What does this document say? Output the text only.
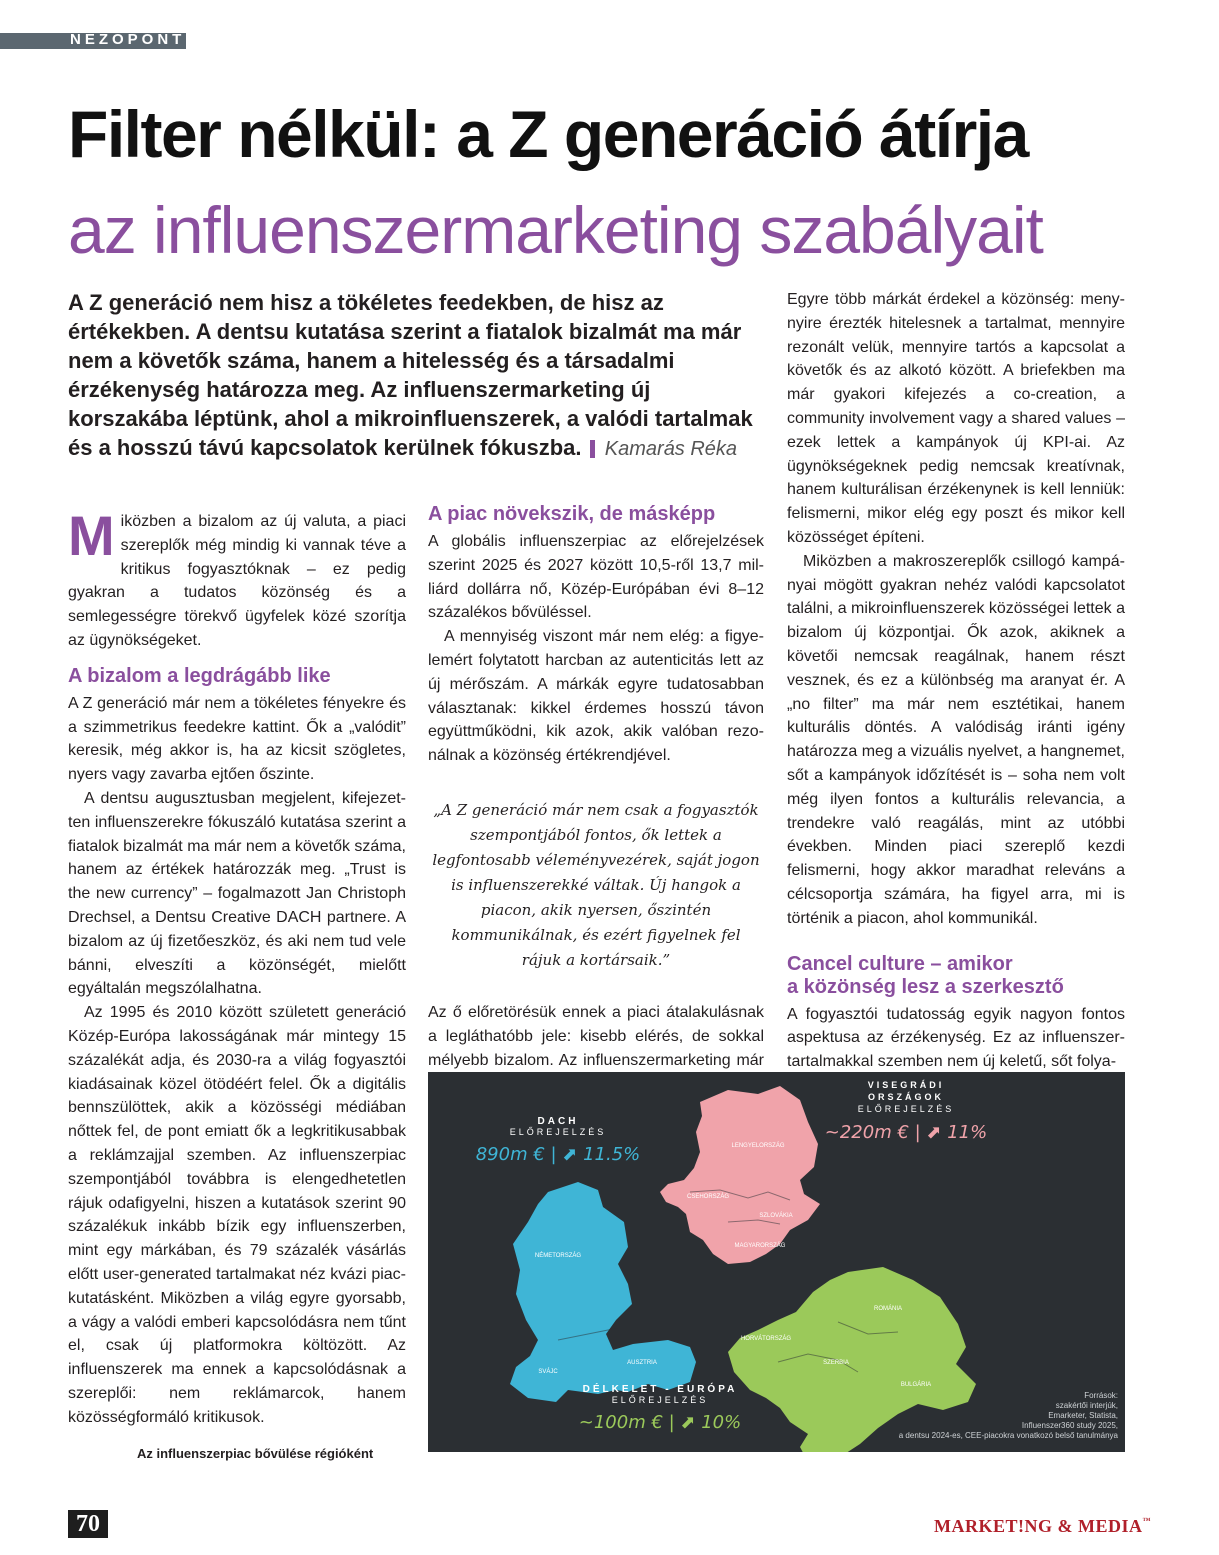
NÉZŐPONT
Filter nélkül: a Z generáció átírja
az influenszermarketing szabályait
A Z generáció nem hisz a tökéletes feedekben, de hisz az értékekben. A dentsu kutatása szerint a fiatalok bizalmát ma már nem a követők száma, hanem a hitelesség és a társadalmi érzékenység határozza meg. Az influenszermarketing új korszakába léptünk, ahol a mikroinfluenszerek, a valódi tartalmak és a hosszú távú kapcsolatok kerülnek fókuszba. Kamarás Réka

Miközben a bizalom az új valuta, a piaci szereplők még mindig ki vannak téve a kritikus fogyasztóknak – ez pedig gyakran a tudatos közönség és a semlegességre törekvő ügyfelek közé szorítja az ügynökségeket.

A bizalom a legdrágább like

A Z generáció már nem a tökéletes fényekre és a szimmetrikus feedekre kattint. Ők a „valódit” keresik, még akkor is, ha az kicsit szögletes, nyers vagy zavarba ejtően őszinte.

A dentsu augusztusban megjelent, kifejezetten influenszerekre fókuszáló kutatása szerint a fiatalok bizalmát ma már nem a követők száma, hanem az értékek határozzák meg. „Trust is the new currency” – fogalmazott Jan Christoph Drechsel, a Dentsu Creative DACH partnere. A bizalom az új fizetőeszköz, és aki nem tud vele bánni, elveszíti a közönségét, mielőtt egyáltalán megszólalhatna.

Az 1995 és 2010 között született generáció Közép-Európa lakosságának már mintegy 15 százalékát adja, és 2030-ra a világ fogyasztói kiadásainak közel ötödéért felel. Ők a digitális bennszülöttek, akik a közösségi médiában nőttek fel, de pont emiatt ők a legkritikusabbak a reklámzajjal szemben. Az influenszerpiac szempontjából továbbra is elengedhetetlen rájuk odafigyelni, hiszen a kutatások szerint 90 százalékuk inkább bízik egy influenszerben, mint egy márkában, és 79 százalék vásárlás előtt user-generated tartalmakat néz kvázi piackutatásként. Miközben a világ egyre gyorsabb, a vágy a valódi emberi kapcsolódásra nem tűnt el, csak új platformokra költözött. Az influenszerek ma ennek a kapcsolódásnak a szereplői: nem reklámarcok, hanem közösségformáló kritikusok.

A piac növekszik, de másképp

A globális influenszerpiac az előrejelzések szerint 2025 és 2027 között 10,5-ről 13,7 milliárd dollárra nő, Közép-Európában évi 8–12 százalékos bővüléssel.

A mennyiség viszont már nem elég: a figyelemért folytatott harcban az autenticitás lett az új mérőszám. A márkák egyre tudatosabban választanak: kikkel érdemes hosszú távon együttműködni, kik azok, akik valóban rezonálnak a közönség értékrendjével.

„A Z generáció már nem csak a fogyasztók szempontjából fontos, ők lettek a legfontosabb véleményvezérek, saját jogon is influenszerekké váltak. Új hangok a piacon, akik nyersen, őszintén kommunikálnak, és ezért figyelnek fel rájuk a kortársaik.”

Az ő előretörésük ennek a piaci átalakulásnak a legláthatóbb jele: kisebb elérés, de sokkal mélyebb bizalom. Az influenszermarketing már

Egyre több márkát érdekel a közönség: menynyire érezték hitelesnek a tartalmat, mennyire rezonált velük, mennyire tartós a kapcsolat a követők és az alkotó között. A briefekben ma már gyakori kifejezés a co-creation, a community involvement vagy a shared values – ezek lettek a kampányok új KPI-ai. Az ügynökségeknek pedig nemcsak kreatívnak, hanem kulturálisan érzékenynek is kell lenniük: felismerni, mikor elég egy poszt és mikor kell közösséget építeni.

Miközben a makroszereplők csillogó kampányai mögött gyakran nehéz valódi kapcsolatot találni, a mikroinfluenszerek közösségei lettek a bizalom új központjai. Ők azok, akiknek a követői nemcsak reagálnak, hanem részt vesznek, és ez a különbség ma aranyat ér. A „no filter” ma már nem esztétikai, hanem kulturális döntés. A valódiság iránti igény határozza meg a vizuális nyelvet, a hangnemet, sőt a kampányok időzítését is – soha nem volt még ilyen fontos a kulturális relevancia, a trendekre való reagálás, mint az utóbbi években. Minden piaci szereplő kezdi felismerni, hogy akkor maradhat releváns a célcsoportja számára, ha figyel arra, mi is történik a piacon, ahol kommunikál.

Cancel culture – amikor
a közönség lesz a szerkesztő

A fogyasztói tudatosság egyik nagyon fontos aspektusa az érzékenység. Ez az influenszertartalmakkal szemben nem új keletű, sőt folya-

DACH
ELŐREJELZÉS
890m € | ⬈ 11.5%
NÉMETORSZÁG
AUSZTRIA
SVÁJC
VISEGRÁDI
ORSZÁGOK
ELŐREJELZÉS
~220m € | ⬈ 11%
LENGYELORSZÁG
CSEHORSZÁG
SZLOVÁKIA
MAGYARORSZÁG
ROMÁNIA
SZERBIA
BULGÁRIA
HORVÁTORSZÁG
DÉLKELET - EURÓPA
ELŐREJELZÉS
~100m € | ⬈ 10%
Források:
szakértői interjúk,
Emarketer, Statista,
Influenszer360 study 2025,
a dentsu 2024-es, CEE-piacokra vonatkozó belső tanulmánya
Az influenszerpiac bővülése régióként
70	MARKET!NG & MEDIA™
